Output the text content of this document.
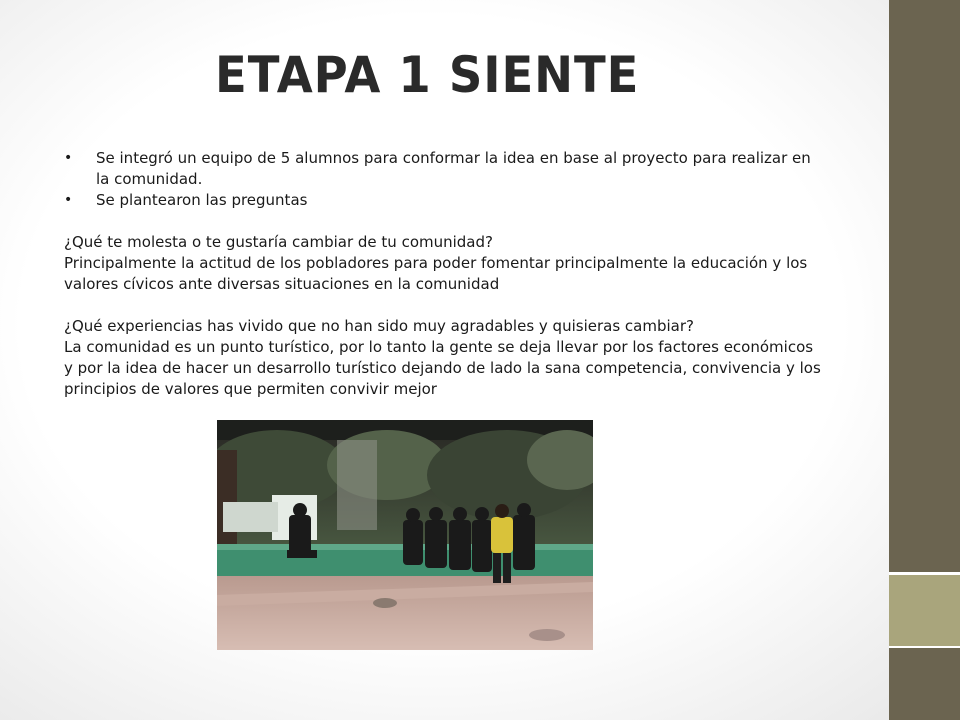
ETAPA 1 SIENTE
• Se integró un equipo de 5 alumnos para conformar la idea en base al proyecto para realizar en la comunidad.
• Se plantearon las preguntas

¿Qué te molesta o te gustaría cambiar de tu comunidad?

Principalmente la actitud de los pobladores para poder fomentar principalmente la educación y los valores cívicos ante diversas situaciones en la comunidad

¿Qué experiencias has vivido que no han sido muy agradables y quisieras cambiar?

La comunidad es un punto turístico, por lo tanto la gente se deja llevar por los factores económicos y por la idea de hacer un desarrollo turístico dejando de lado la sana competencia, convivencia y los principios de valores que permiten convivir mejor
